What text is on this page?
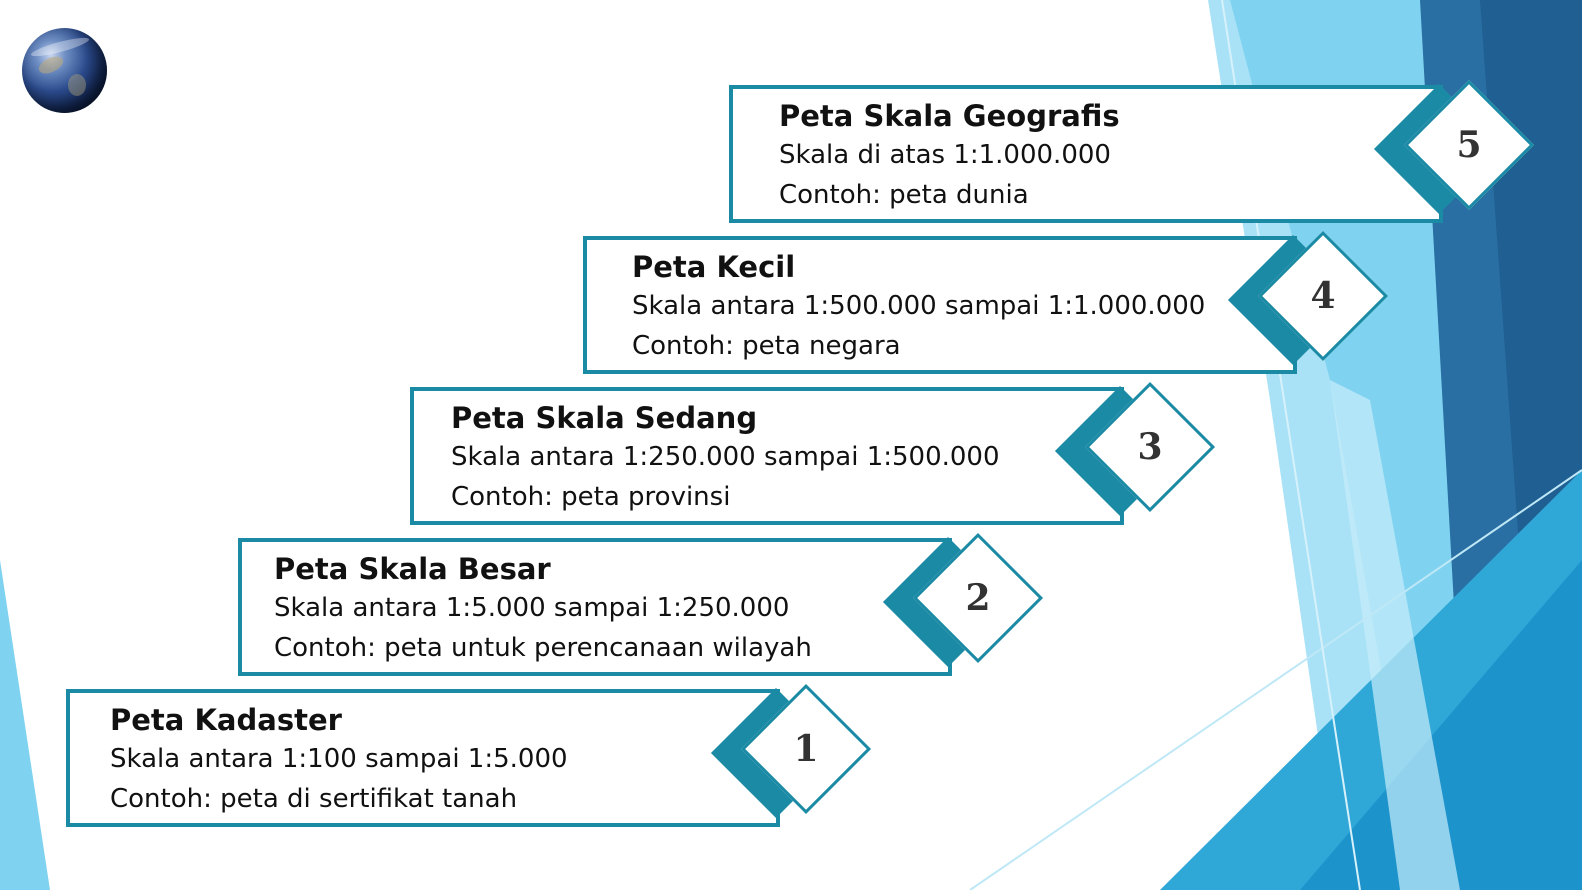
Peta Kadaster
Skala antara 1:100 sampai 1:5.000
Contoh: peta di sertifikat tanah
1
Peta Skala Besar
Skala antara 1:5.000 sampai 1:250.000
Contoh: peta untuk perencanaan wilayah
2
Peta Skala Sedang
Skala antara 1:250.000 sampai 1:500.000
Contoh: peta provinsi
3
Peta Kecil
Skala antara 1:500.000 sampai 1:1.000.000
Contoh: peta negara
4
Peta Skala Geografis
Skala di atas 1:1.000.000
Contoh: peta dunia
5
